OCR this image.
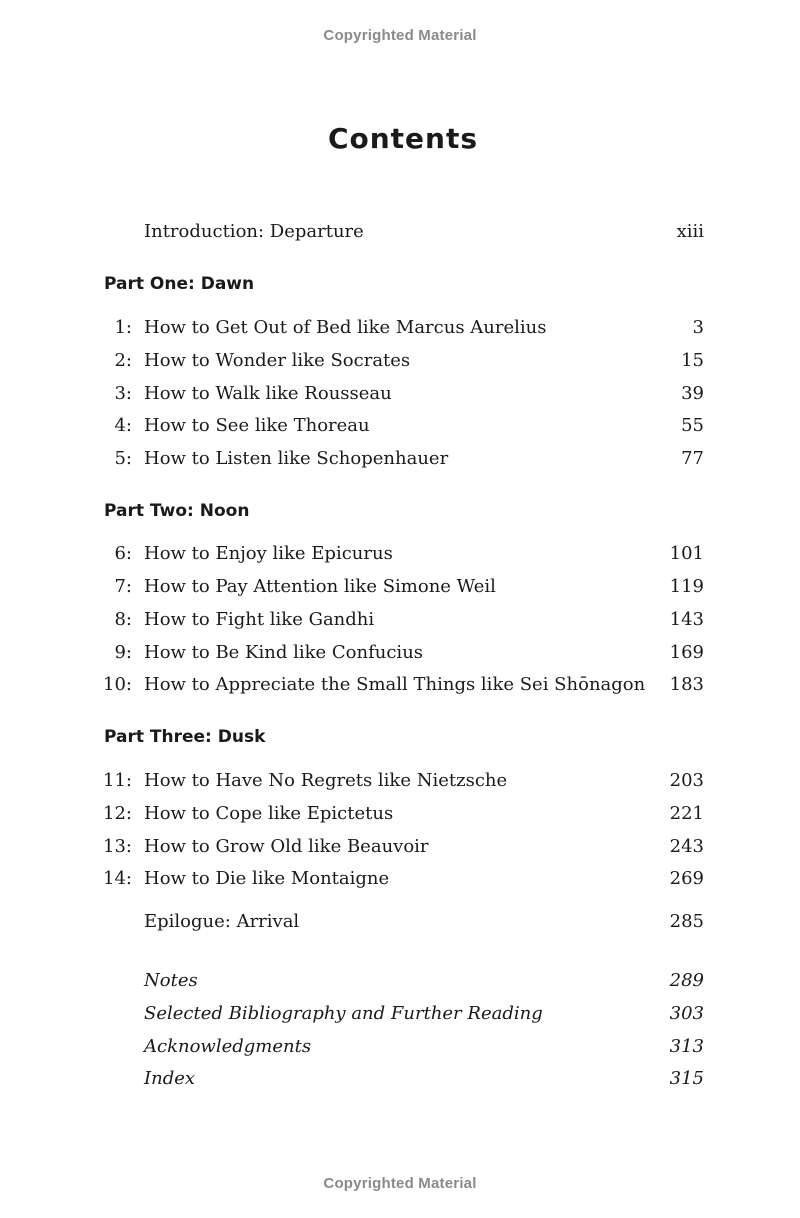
Copyrighted Material
Contents
Introduction: Departure	xiii
Part One: Dawn
1: How to Get Out of Bed like Marcus Aurelius	3
2: How to Wonder like Socrates	15
3: How to Walk like Rousseau	39
4: How to See like Thoreau	55
5: How to Listen like Schopenhauer	77
Part Two: Noon
6: How to Enjoy like Epicurus	101
7: How to Pay Attention like Simone Weil	119
8: How to Fight like Gandhi	143
9: How to Be Kind like Confucius	169
10: How to Appreciate the Small Things like Sei Shōnagon 183
Part Three: Dusk
11: How to Have No Regrets like Nietzsche	203
12: How to Cope like Epictetus	221
13: How to Grow Old like Beauvoir	243
14: How to Die like Montaigne	269
Epilogue: Arrival	285
Notes	289
Selected Bibliography and Further Reading	303
Acknowledgments	313
Index	315
Copyrighted Material
